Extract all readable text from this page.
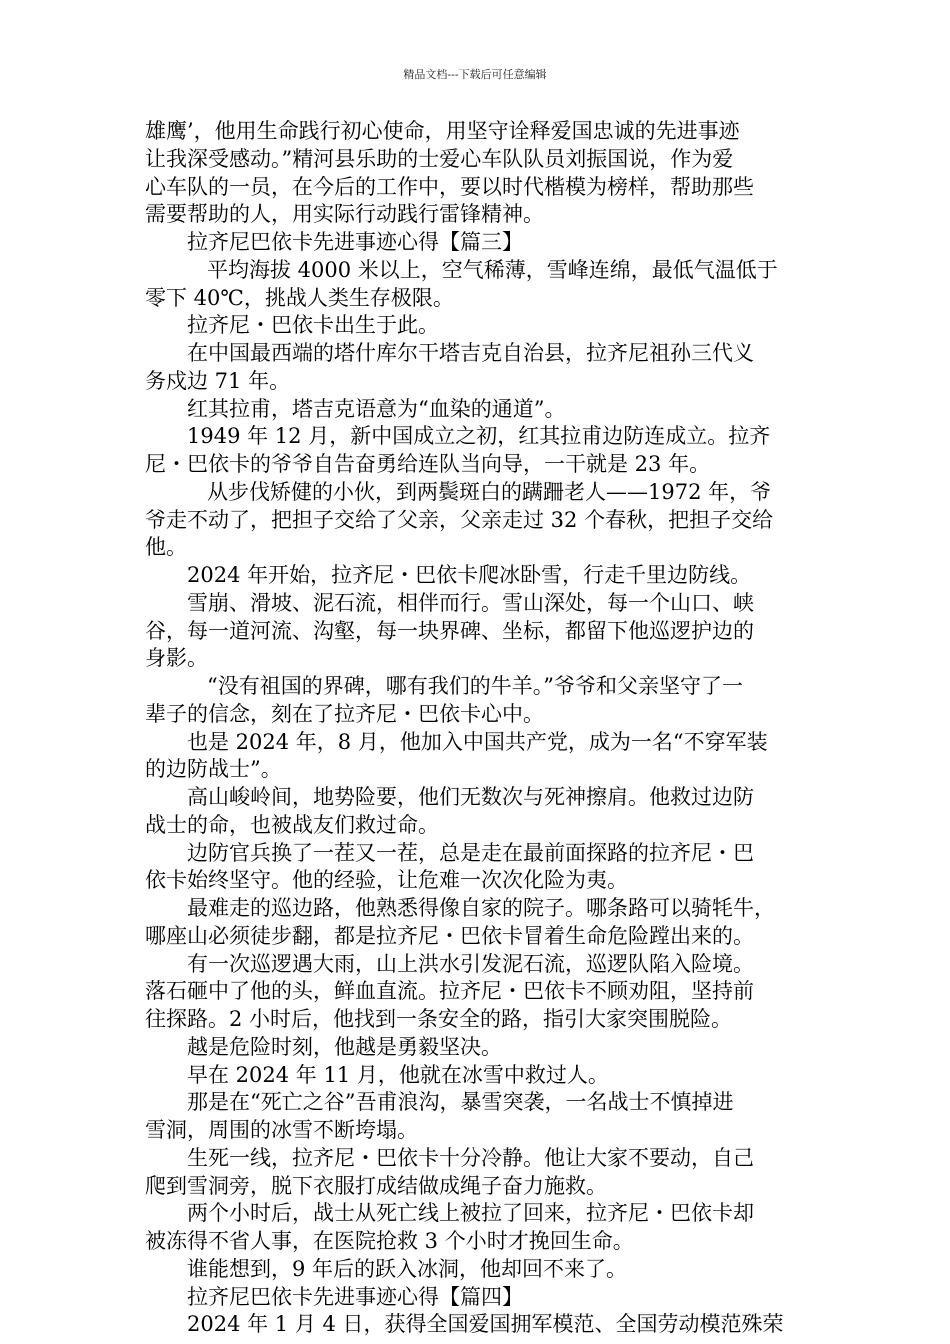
精品文档---下载后可任意编辑
雄鹰’，他用生命践行初心使命，用坚守诠释爱国忠诚的先进事迹
让我深受感动。”精河县乐助的士爱心车队队员刘振国说，作为爱
心车队的一员，在今后的工作中，要以时代楷模为榜样，帮助那些
需要帮助的人，用实际行动践行雷锋精神。
拉齐尼巴依卡先进事迹心得【篇三】
平均海拔 4000 米以上，空气稀薄，雪峰连绵，最低气温低于
零下 40℃，挑战人类生存极限。
拉齐尼・巴依卡出生于此。
在中国最西端的塔什库尔干塔吉克自治县，拉齐尼祖孙三代义
务戍边 71 年。
红其拉甫，塔吉克语意为“血染的通道”。
1949 年 12 月，新中国成立之初，红其拉甫边防连成立。拉齐
尼・巴依卡的爷爷自告奋勇给连队当向导，一干就是 23 年。
从步伐矫健的小伙，到两鬓斑白的蹒跚老人——1972 年，爷
爷走不动了，把担子交给了父亲，父亲走过 32 个春秋，把担子交给
他。
2024 年开始，拉齐尼・巴依卡爬冰卧雪，行走千里边防线。
雪崩、滑坡、泥石流，相伴而行。雪山深处，每一个山口、峡
谷，每一道河流、沟壑，每一块界碑、坐标，都留下他巡逻护边的
身影。
“没有祖国的界碑，哪有我们的牛羊。”爷爷和父亲坚守了一
辈子的信念，刻在了拉齐尼・巴依卡心中。
也是 2024 年，8 月，他加入中国共产党，成为一名“不穿军装
的边防战士”。
高山峻岭间，地势险要，他们无数次与死神擦肩。他救过边防
战士的命，也被战友们救过命。
边防官兵换了一茬又一茬，总是走在最前面探路的拉齐尼・巴
依卡始终坚守。他的经验，让危难一次次化险为夷。
最难走的巡边路，他熟悉得像自家的院子。哪条路可以骑牦牛，
哪座山必须徒步翻，都是拉齐尼・巴依卡冒着生命危险蹚出来的。
有一次巡逻遇大雨，山上洪水引发泥石流，巡逻队陷入险境。
落石砸中了他的头，鲜血直流。拉齐尼・巴依卡不顾劝阻，坚持前
往探路。2 小时后，他找到一条安全的路，指引大家突围脱险。
越是危险时刻，他越是勇毅坚决。
早在 2024 年 11 月，他就在冰雪中救过人。
那是在“死亡之谷”吾甫浪沟，暴雪突袭，一名战士不慎掉进
雪洞，周围的冰雪不断垮塌。
生死一线，拉齐尼・巴依卡十分冷静。他让大家不要动，自己
爬到雪洞旁，脱下衣服打成结做成绳子奋力施救。
两个小时后，战士从死亡线上被拉了回来，拉齐尼・巴依卡却
被冻得不省人事，在医院抢救 3 个小时才挽回生命。
谁能想到，9 年后的跃入冰洞，他却回不来了。
拉齐尼巴依卡先进事迹心得【篇四】
2024 年 1 月 4 日，获得全国爱国拥军模范、全国劳动模范殊荣
